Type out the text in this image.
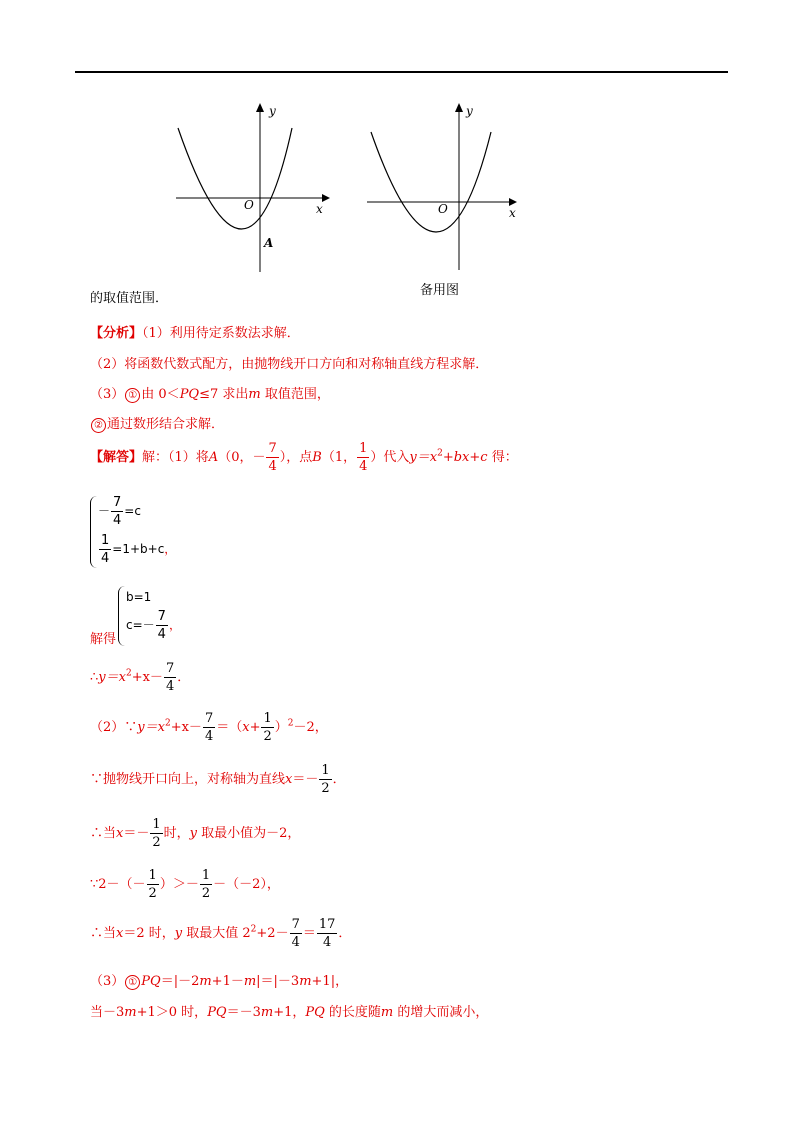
y
x
O
A
y
x
O
备用图
的取值范围．
【分析】（1）利用待定系数法求解．
（2）将函数代数式配方，由抛物线开口方向和对称轴直线方程求解．
（3） ① 由 0＜PQ≤7 求出m 取值范围，
② 通过数形结合求解．
【解答】解：（1）将A（0，－ $\frac{7}{4}$ ），点B（1， $\frac{1}{4}$ ）代入$y=x^2+bx+c$ 得：
－ $\frac{7}{4} =c$
$\frac{1}{4} =1+b+c$，
解得
b=1
$c=- \frac{7}{4}$ ，
$\therefore y=x^2+x- \frac{7}{4}$ ．
$(2)\because y=x^2+x- \frac{7}{4} =(x+ \frac{1}{2} )^2-2$，
∵抛物线开口向上，对称轴为直线$x=- \frac{1}{2}$ ．
∴当$x=- \frac{1}{2}$ 时，y 取最小值为－2，
∵2－（－ $\frac{1}{2}$ ）＞－ $\frac{1}{2} -(-2)$，
∴当x＝2 时，y 取最大值 $2^2+2- \frac{7}{4} = \frac{17}{4}$ ．
（3） ① PQ＝|－2m+1－m|＝|－3m+1|，
当－3m+1＞0 时，PQ＝－3m+1，PQ 的长度随m 的增大而减小，
